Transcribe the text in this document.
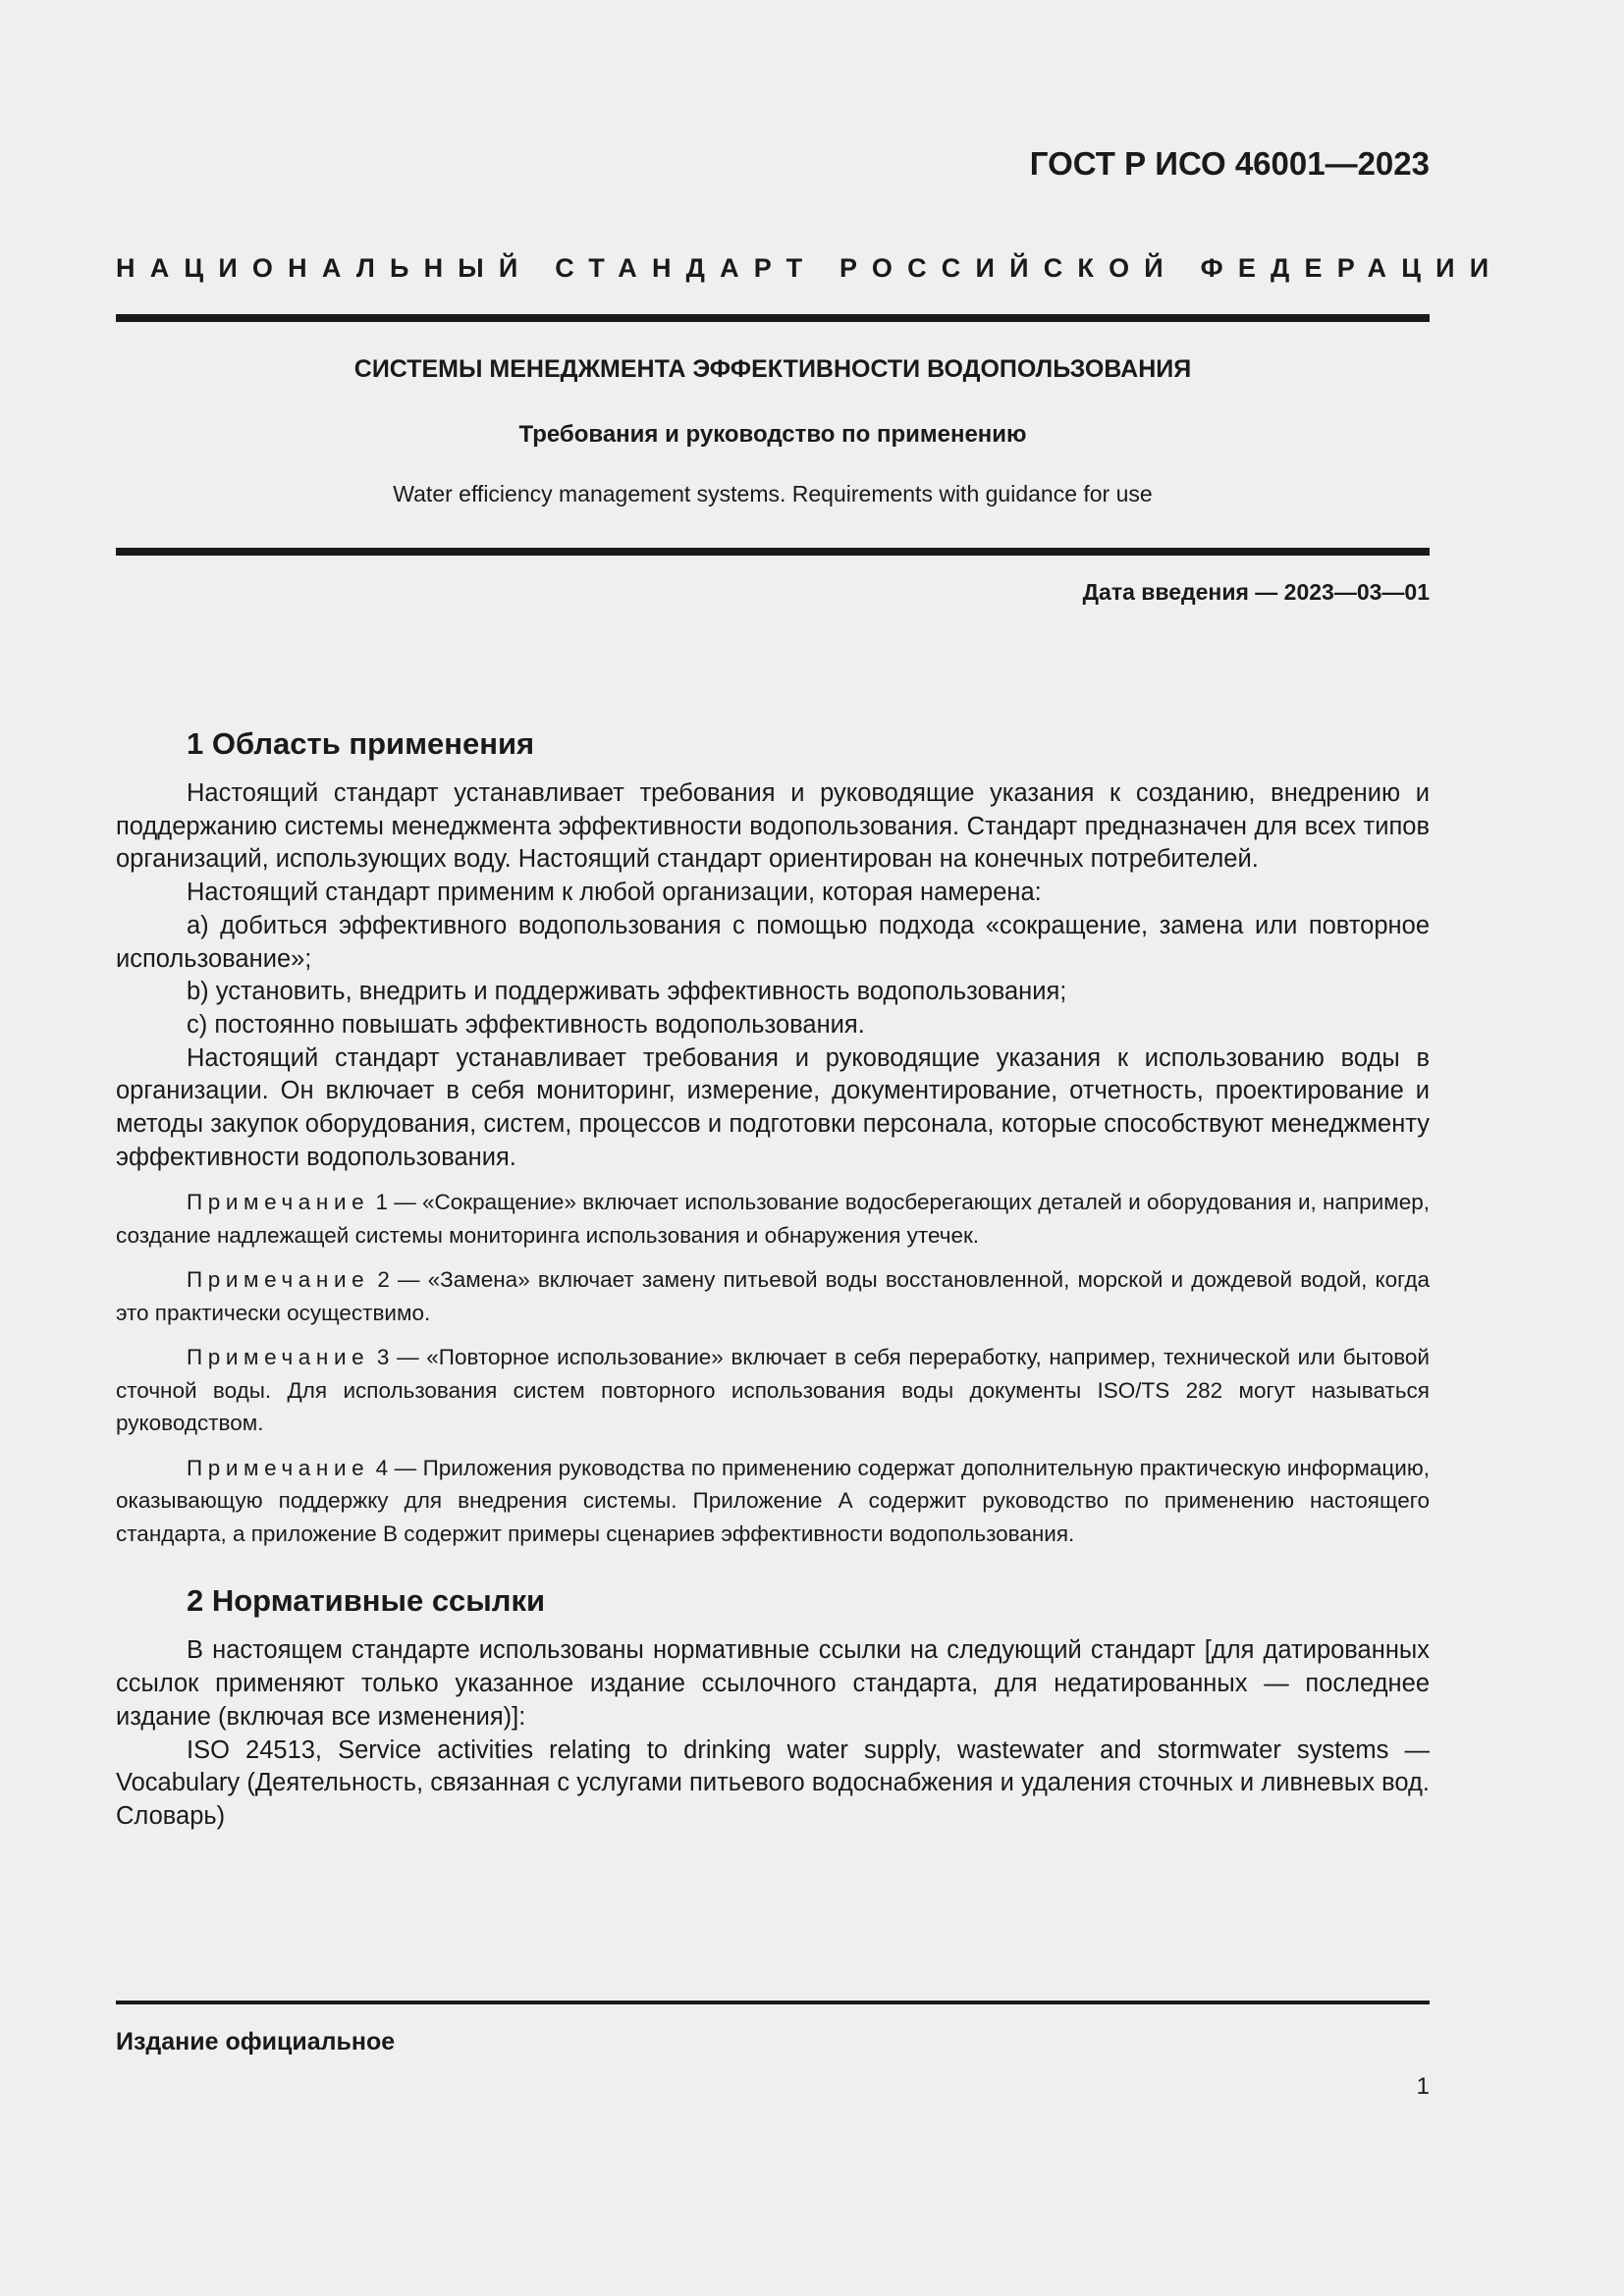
ГОСТ Р ИСО 46001—2023
НАЦИОНАЛЬНЫЙ СТАНДАРТ РОССИЙСКОЙ ФЕДЕРАЦИИ
СИСТЕМЫ МЕНЕДЖМЕНТА ЭФФЕКТИВНОСТИ ВОДОПОЛЬЗОВАНИЯ
Требования и руководство по применению
Water efficiency management systems. Requirements with guidance for use
Дата введения — 2023—03—01
1 Область применения

Настоящий стандарт устанавливает требования и руководящие указания к созданию, внедрению и поддержанию системы менеджмента эффективности водопользования. Стандарт предназначен для всех типов организаций, использующих воду. Настоящий стандарт ориентирован на конечных потребителей.

Настоящий стандарт применим к любой организации, которая намерена:

a) добиться эффективного водопользования с помощью подхода «сокращение, замена или повторное использование»;

b) установить, внедрить и поддерживать эффективность водопользования;

c) постоянно повышать эффективность водопользования.

Настоящий стандарт устанавливает требования и руководящие указания к использованию воды в организации. Он включает в себя мониторинг, измерение, документирование, отчетность, проектирование и методы закупок оборудования, систем, процессов и подготовки персонала, которые способствуют менеджменту эффективности водопользования.

Примечание 1 — «Сокращение» включает использование водосберегающих деталей и оборудования и, например, создание надлежащей системы мониторинга использования и обнаружения утечек.

Примечание 2 — «Замена» включает замену питьевой воды восстановленной, морской и дождевой водой, когда это практически осуществимо.

Примечание 3 — «Повторное использование» включает в себя переработку, например, технической или бытовой сточной воды. Для использования систем повторного использования воды документы ISO/TS 282 могут называться руководством.

Примечание 4 — Приложения руководства по применению содержат дополнительную практическую информацию, оказывающую поддержку для внедрения системы. Приложение А содержит руководство по применению настоящего стандарта, а приложение В содержит примеры сценариев эффективности водопользования.

2 Нормативные ссылки

В настоящем стандарте использованы нормативные ссылки на следующий стандарт [для датированных ссылок применяют только указанное издание ссылочного стандарта, для недатированных — последнее издание (включая все изменения)]:

ISO 24513, Service activities relating to drinking water supply, wastewater and stormwater systems — Vocabulary (Деятельность, связанная с услугами питьевого водоснабжения и удаления сточных и ливневых вод. Словарь)

Издание официальное
1
